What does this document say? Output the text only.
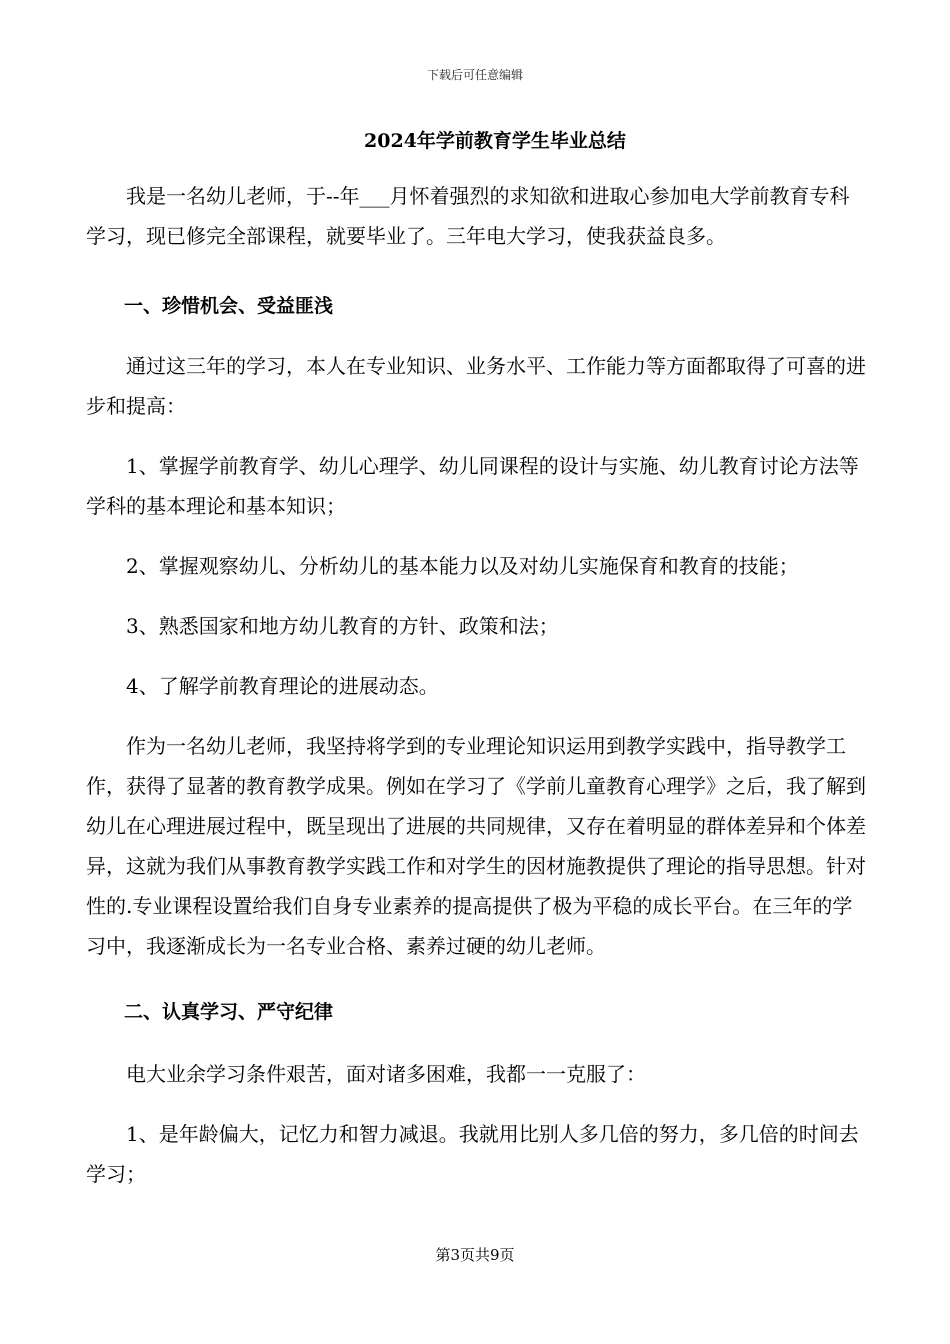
下载后可任意编辑
2024年学前教育学生毕业总结

我是一名幼儿老师，于--年___月怀着强烈的求知欲和进取心参加电大学前教育专科学习，现已修完全部课程，就要毕业了。三年电大学习，使我获益良多。

一、珍惜机会、受益匪浅

通过这三年的学习，本人在专业知识、业务水平、工作能力等方面都取得了可喜的进步和提高：

1、掌握学前教育学、幼儿心理学、幼儿同课程的设计与实施、幼儿教育讨论方法等学科的基本理论和基本知识；

2、掌握观察幼儿、分析幼儿的基本能力以及对幼儿实施保育和教育的技能；

3、熟悉国家和地方幼儿教育的方针、政策和法；

4、了解学前教育理论的进展动态。

作为一名幼儿老师，我坚持将学到的专业理论知识运用到教学实践中，指导教学工作，获得了显著的教育教学成果。例如在学习了《学前儿童教育心理学》之后，我了解到幼儿在心理进展过程中，既呈现出了进展的共同规律，又存在着明显的群体差异和个体差异，这就为我们从事教育教学实践工作和对学生的因材施教提供了理论的指导思想。针对性的.专业课程设置给我们自身专业素养的提高提供了极为平稳的成长平台。在三年的学习中，我逐渐成长为一名专业合格、素养过硬的幼儿老师。

二、认真学习、严守纪律

电大业余学习条件艰苦，面对诸多困难，我都一一克服了：

1、是年龄偏大，记忆力和智力减退。我就用比别人多几倍的努力，多几倍的时间去学习；

第3页共9页
